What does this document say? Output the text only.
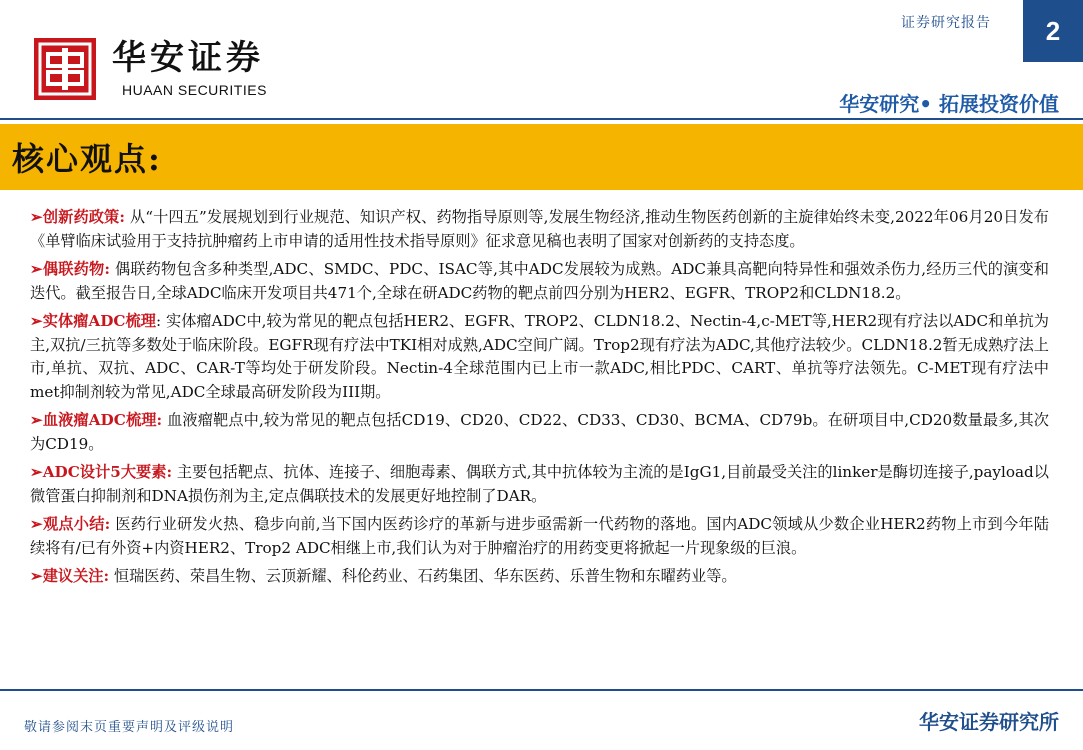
华安证券
HUAAN SECURITIES
证券研究报告	2
华安研究• 拓展投资价值
核心观点:

➢创新药政策: 从“十四五”发展规划到行业规范、知识产权、药物指导原则等,发展生物经济,推动生物医药创新的主旋律始终未变,2022年06月20日发布《单臂临床试验用于支持抗肿瘤药上市申请的适用性技术指导原则》征求意见稿也表明了国家对创新药的支持态度。

➢偶联药物: 偶联药物包含多种类型,ADC、SMDC、PDC、ISAC等,其中ADC发展较为成熟。ADC兼具高靶向特异性和强效杀伤力,经历三代的演变和迭代。截至报告日,全球ADC临床开发项目共471个,全球在研ADC药物的靶点前四分别为HER2、EGFR、TROP2和CLDN18.2。

➢实体瘤ADC梳理: 实体瘤ADC中,较为常见的靶点包括HER2、EGFR、TROP2、CLDN18.2、Nectin-4,c-MET等,HER2现有疗法以ADC和单抗为主,双抗/三抗等多数处于临床阶段。EGFR现有疗法中TKI相对成熟,ADC空间广阔。Trop2现有疗法为ADC,其他疗法较少。CLDN18.2暂无成熟疗法上市,单抗、双抗、ADC、CAR-T等均处于研发阶段。Nectin-4全球范围内已上市一款ADC,相比PDC、CART、单抗等疗法领先。C-MET现有疗法中met抑制剂较为常见,ADC全球最高研发阶段为III期。

➢血液瘤ADC梳理: 血液瘤靶点中,较为常见的靶点包括CD19、CD20、CD22、CD33、CD30、BCMA、CD79b。在研项目中,CD20数量最多,其次为CD19。

➢ADC设计5大要素: 主要包括靶点、抗体、连接子、细胞毒素、偶联方式,其中抗体较为主流的是IgG1,目前最受关注的linker是酶切连接子,payload以微管蛋白抑制剂和DNA损伤剂为主,定点偶联技术的发展更好地控制了DAR。

➢观点小结: 医药行业研发火热、稳步向前,当下国内医药诊疗的革新与进步亟需新一代药物的落地。国内ADC领域从少数企业HER2药物上市到今年陆续将有/已有外资+内资HER2、Trop2 ADC相继上市,我们认为对于肿瘤治疗的用药变更将掀起一片现象级的巨浪。

➢建议关注: 恒瑞医药、荣昌生物、云顶新耀、科伦药业、石药集团、华东医药、乐普生物和东曜药业等。

敬请参阅末页重要声明及评级说明	华安证券研究所
